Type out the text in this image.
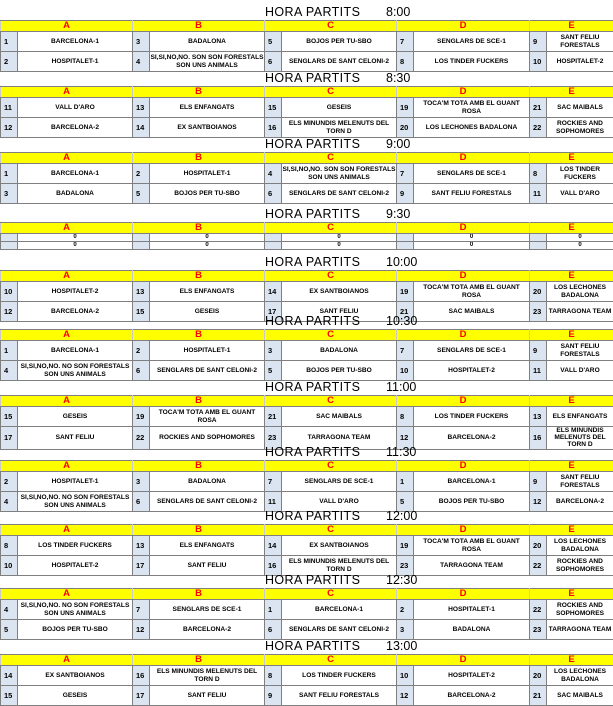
HORA PARTITS 8:00
A		B		C		D		E	
1	BARCELONA-1	3	BADALONA	5	BOJOS PER TU-SBO	7	SENGLARS DE SCE-1	9	SANT FELIU FORESTALS
2	HOSPITALET-1	4	SI,SI,NO,NO. SON SON FORESTALS SON UNS ANIMALS	6	SENGLARS DE SANT CELONI-2	8	LOS TINDER FUCKERS	10	HOSPITALET-2
HORA PARTITS 8:30
A		B		C		D		E	
11	VALL D'ARO	13	ELS ENFANGATS	15	GESEIS	19	TOCA'M TOTA AMB EL GUANT ROSA	21	SAC MAIBALS
12	BARCELONA-2	14	EX SANTBOIANOS	16	ELS MINUNDIS MELENUTS DEL TORN D	20	LOS LECHONES BADALONA	22	ROCKIES AND SOPHOMORES
HORA PARTITS 9:00
A		B		C		D		E	
1	BARCELONA-1	2	HOSPITALET-1	4	SI,SI,NO,NO. SON SON FORESTALS SON UNS ANIMALS	7	SENGLARS DE SCE-1	8	LOS TINDER FUCKERS
3	BADALONA	5	BOJOS PER TU-SBO	6	SENGLARS DE SANT CELONI-2	9	SANT FELIU FORESTALS	11	VALL D'ARO
HORA PARTITS 9:30
A		B		C		D		E	
	0		0		0		0		0
	0		0		0		0		0
HORA PARTITS 10:00
A		B		C		D		E	
10	HOSPITALET-2	13	ELS ENFANGATS	14	EX SANTBOIANOS	19	TOCA'M TOTA AMB EL GUANT ROSA	20	LOS LECHONES BADALONA
12	BARCELONA-2	15	GESEIS	17	SANT FELIU	21	SAC MAIBALS	23	TARRAGONA TEAM
HORA PARTITS 10:30
A		B		C		D		E	
1	BARCELONA-1	2	HOSPITALET-1	3	BADALONA	7	SENGLARS DE SCE-1	9	SANT FELIU FORESTALS
4	SI,SI,NO,NO. NO SON FORESTALS SON UNS ANIMALS	6	SENGLARS DE SANT CELONI-2	5	BOJOS PER TU-SBO	10	HOSPITALET-2	11	VALL D'ARO
HORA PARTITS 11:00
A		B		C		D		E	
15	GESEIS	19	TOCA'M TOTA AMB EL GUANT ROSA	21	SAC MAIBALS	8	LOS TINDER FUCKERS	13	ELS ENFANGATS
17	SANT FELIU	22	ROCKIES AND SOPHOMORES	23	TARRAGONA TEAM	12	BARCELONA-2	16	ELS MINUNDIS MELENUTS DEL TORN D
HORA PARTITS 11:30
A		B		C		D		E	
2	HOSPITALET-1	3	BADALONA	7	SENGLARS DE SCE-1	1	BARCELONA-1	9	SANT FELIU FORESTALS
4	SI,SI,NO,NO. NO SON FORESTALS SON UNS ANIMALS	6	SENGLARS DE SANT CELONI-2	11	VALL D'ARO	5	BOJOS PER TU-SBO	12	BARCELONA-2
HORA PARTITS 12:00
A		B		C		D		E	
8	LOS TINDER FUCKERS	13	ELS ENFANGATS	14	EX SANTBOIANOS	19	TOCA'M TOTA AMB EL GUANT ROSA	20	LOS LECHONES BADALONA
10	HOSPITALET-2	17	SANT FELIU	16	ELS MINUNDIS MELENUTS DEL TORN D	23	TARRAGONA TEAM	22	ROCKIES AND SOPHOMORES
HORA PARTITS 12:30
A		B		C		D		E	
4	SI,SI,NO,NO. NO SON FORESTALS SON UNS ANIMALS	7	SENGLARS DE SCE-1	1	BARCELONA-1	2	HOSPITALET-1	22	ROCKIES AND SOPHOMORES
5	BOJOS PER TU-SBO	12	BARCELONA-2	6	SENGLARS DE SANT CELONI-2	3	BADALONA	23	TARRAGONA TEAM
HORA PARTITS 13:00
A		B		C		D		E	
14	EX SANTBOIANOS	16	ELS MINUNDIS MELENUTS DEL TORN D	8	LOS TINDER FUCKERS	10	HOSPITALET-2	20	LOS LECHONES BADALONA
15	GESEIS	17	SANT FELIU	9	SANT FELIU FORESTALS	12	BARCELONA-2	21	SAC MAIBALS
